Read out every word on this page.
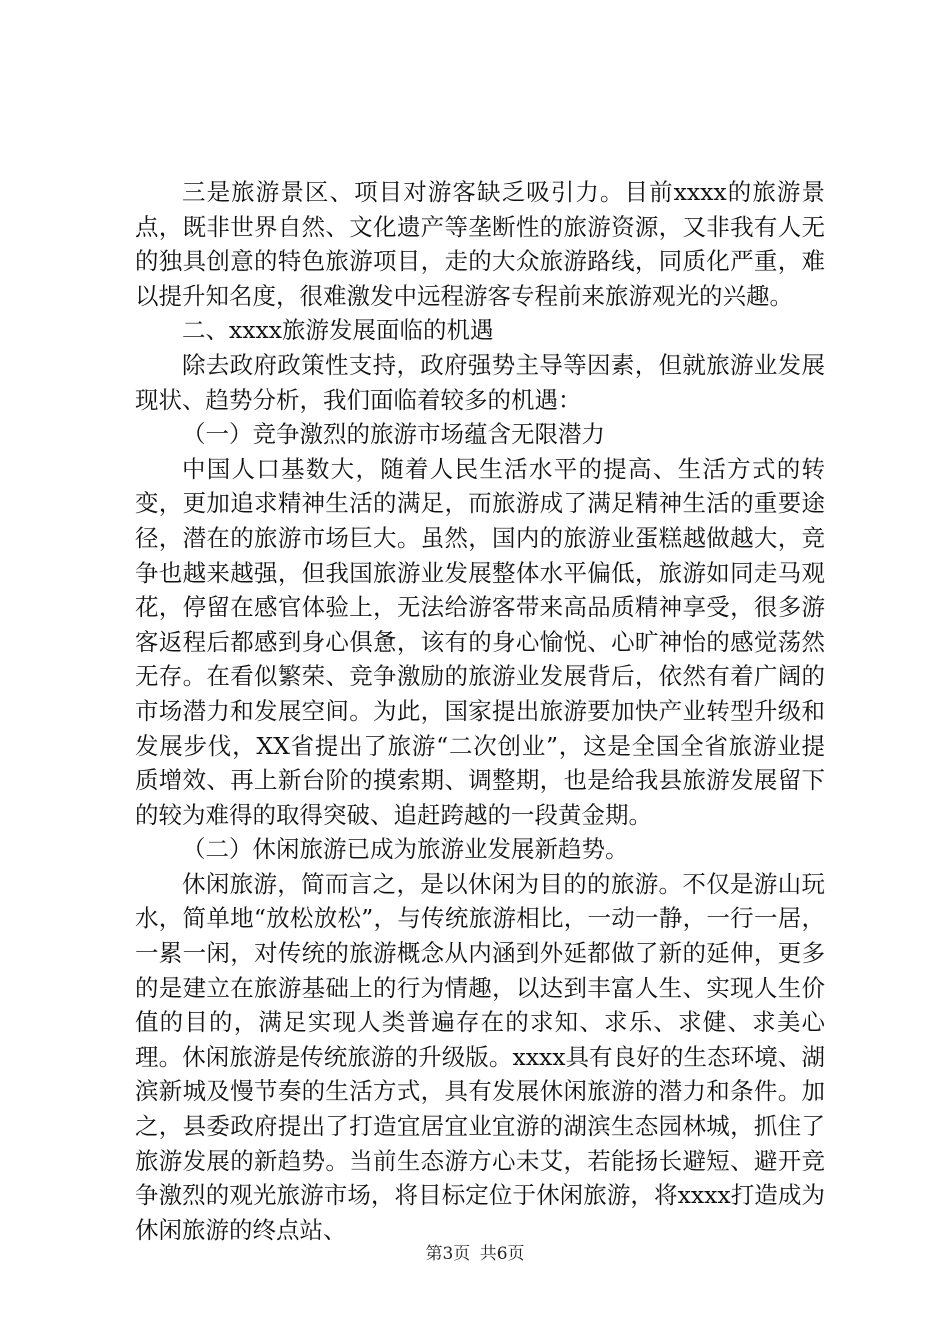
三是旅游景区、项目对游客缺乏吸引力。目前xxxx的旅游景点，既非世界自然、文化遗产等垄断性的旅游资源，又非我有人无的独具创意的特色旅游项目，走的大众旅游路线，同质化严重，难以提升知名度，很难激发中远程游客专程前来旅游观光的兴趣。

二、xxxx旅游发展面临的机遇

除去政府政策性支持，政府强势主导等因素，但就旅游业发展现状、趋势分析，我们面临着较多的机遇：

（一）竞争激烈的旅游市场蕴含无限潜力

中国人口基数大，随着人民生活水平的提高、生活方式的转变，更加追求精神生活的满足，而旅游成了满足精神生活的重要途径，潜在的旅游市场巨大。虽然，国内的旅游业蛋糕越做越大，竞争也越来越强，但我国旅游业发展整体水平偏低，旅游如同走马观花，停留在感官体验上，无法给游客带来高品质精神享受，很多游客返程后都感到身心俱惫，该有的身心愉悦、心旷神怡的感觉荡然无存。在看似繁荣、竞争激励的旅游业发展背后，依然有着广阔的市场潜力和发展空间。为此，国家提出旅游要加快产业转型升级和发展步伐，XX省提出了旅游“二次创业”，这是全国全省旅游业提质增效、再上新台阶的摸索期、调整期，也是给我县旅游发展留下的较为难得的取得突破、追赶跨越的一段黄金期。

（二）休闲旅游已成为旅游业发展新趋势。

休闲旅游，简而言之，是以休闲为目的的旅游。不仅是游山玩水，简单地“放松放松”，与传统旅游相比，一动一静，一行一居，一累一闲，对传统的旅游概念从内涵到外延都做了新的延伸，更多的是建立在旅游基础上的行为情趣，以达到丰富人生、实现人生价值的目的，满足实现人类普遍存在的求知、求乐、求健、求美心理。休闲旅游是传统旅游的升级版。xxxx具有良好的生态环境、湖滨新城及慢节奏的生活方式，具有发展休闲旅游的潜力和条件。加之，县委政府提出了打造宜居宜业宜游的湖滨生态园林城，抓住了旅游发展的新趋势。当前生态游方心未艾，若能扬长避短、避开竞争激烈的观光旅游市场，将目标定位于休闲旅游，将xxxx打造成为休闲旅游的终点站、

第3页 共6页
